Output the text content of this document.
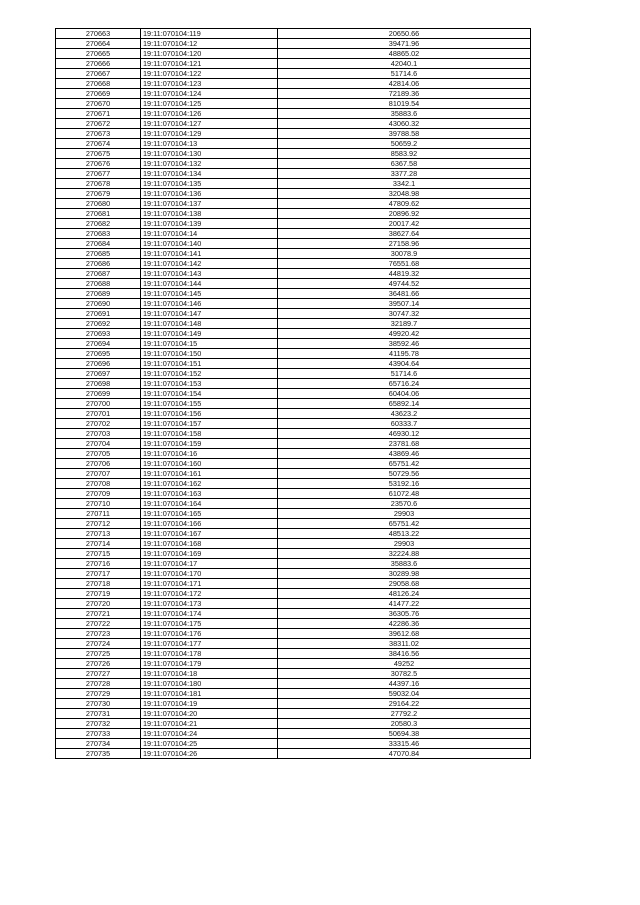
270663	19:11:070104:119	20650.66
270664	19:11:070104:12	39471.96
270665	19:11:070104:120	48865.02
270666	19:11:070104:121	42040.1
270667	19:11:070104:122	51714.6
270668	19:11:070104:123	42814.06
270669	19:11:070104:124	72189.36
270670	19:11:070104:125	81019.54
270671	19:11:070104:126	35883.6
270672	19:11:070104:127	43060.32
270673	19:11:070104:129	39788.58
270674	19:11:070104:13	50659.2
270675	19:11:070104:130	8583.92
270676	19:11:070104:132	6367.58
270677	19:11:070104:134	3377.28
270678	19:11:070104:135	3342.1
270679	19:11:070104:136	32048.98
270680	19:11:070104:137	47809.62
270681	19:11:070104:138	20896.92
270682	19:11:070104:139	20017.42
270683	19:11:070104:14	38627.64
270684	19:11:070104:140	27158.96
270685	19:11:070104:141	30078.9
270686	19:11:070104:142	76551.68
270687	19:11:070104:143	44819.32
270688	19:11:070104:144	49744.52
270689	19:11:070104:145	36481.66
270690	19:11:070104:146	39507.14
270691	19:11:070104:147	30747.32
270692	19:11:070104:148	32189.7
270693	19:11:070104:149	49920.42
270694	19:11:070104:15	38592.46
270695	19:11:070104:150	41195.78
270696	19:11:070104:151	43904.64
270697	19:11:070104:152	51714.6
270698	19:11:070104:153	65716.24
270699	19:11:070104:154	60404.06
270700	19:11:070104:155	65892.14
270701	19:11:070104:156	43623.2
270702	19:11:070104:157	60333.7
270703	19:11:070104:158	46930.12
270704	19:11:070104:159	23781.68
270705	19:11:070104:16	43869.46
270706	19:11:070104:160	65751.42
270707	19:11:070104:161	50729.56
270708	19:11:070104:162	53192.16
270709	19:11:070104:163	61072.48
270710	19:11:070104:164	23570.6
270711	19:11:070104:165	29903
270712	19:11:070104:166	65751.42
270713	19:11:070104:167	48513.22
270714	19:11:070104:168	29903
270715	19:11:070104:169	32224.88
270716	19:11:070104:17	35883.6
270717	19:11:070104:170	30289.98
270718	19:11:070104:171	29058.68
270719	19:11:070104:172	48126.24
270720	19:11:070104:173	41477.22
270721	19:11:070104:174	36305.76
270722	19:11:070104:175	42286.36
270723	19:11:070104:176	39612.68
270724	19:11:070104:177	38311.02
270725	19:11:070104:178	38416.56
270726	19:11:070104:179	49252
270727	19:11:070104:18	30782.5
270728	19:11:070104:180	44397.16
270729	19:11:070104:181	59032.04
270730	19:11:070104:19	29164.22
270731	19:11:070104:20	27792.2
270732	19:11:070104:21	20580.3
270733	19:11:070104:24	50694.38
270734	19:11:070104:25	33315.46
270735	19:11:070104:26	47070.84
